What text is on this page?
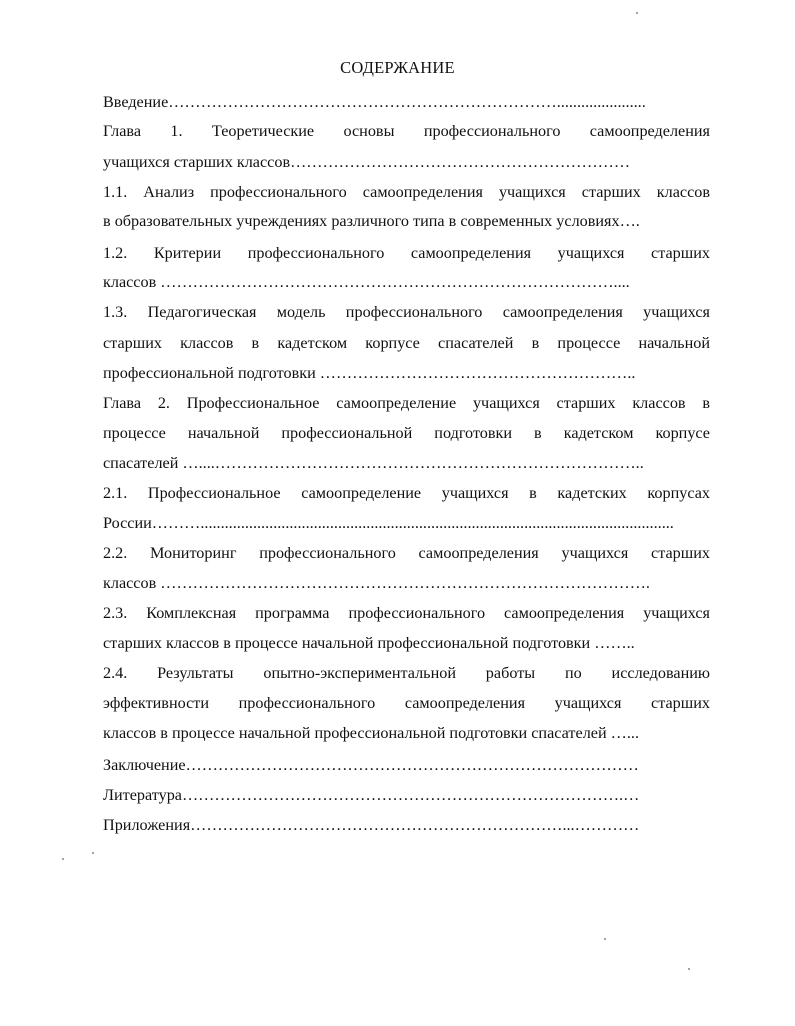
СОДЕРЖАНИЕ
Введение………………………………………………………………......................
Глава 1. Теоретические основы профессионального самоопределения
учащихся старших классов………………………………………………………
1.1. Анализ профессионального самоопределения учащихся старших классов
в образовательных учреждениях различного типа в современных условиях….
1.2. Критерии профессионального самоопределения учащихся старших
классов …………………………………………………………………………....
1.3. Педагогическая модель профессионального самоопределения учащихся
старших классов в кадетском корпусе спасателей в процессе начальной
профессиональной подготовки …………………………………………………..
Глава 2. Профессиональное самоопределение учащихся старших классов в
процессе начальной профессиональной подготовки в кадетском корпусе
спасателей …....……………………………………………………………………..
2.1. Профессиональное самоопределение учащихся в кадетских корпусах
России……….....................................................................................................................
2.2. Мониторинг профессионального самоопределения учащихся старших
классов ……………………………………………………………………………….
2.3. Комплексная программа профессионального самоопределения учащихся
старших классов в процессе начальной профессиональной подготовки ……..
2.4. Результаты опытно-экспериментальной работы по исследованию
эффективности профессионального самоопределения учащихся старших
классов в процессе начальной профессиональной подготовки спасателей …...
Заключение…………………………………………………………………………
Литература……………………………………………………………………….…
Приложения……………………………………………………………...…………
